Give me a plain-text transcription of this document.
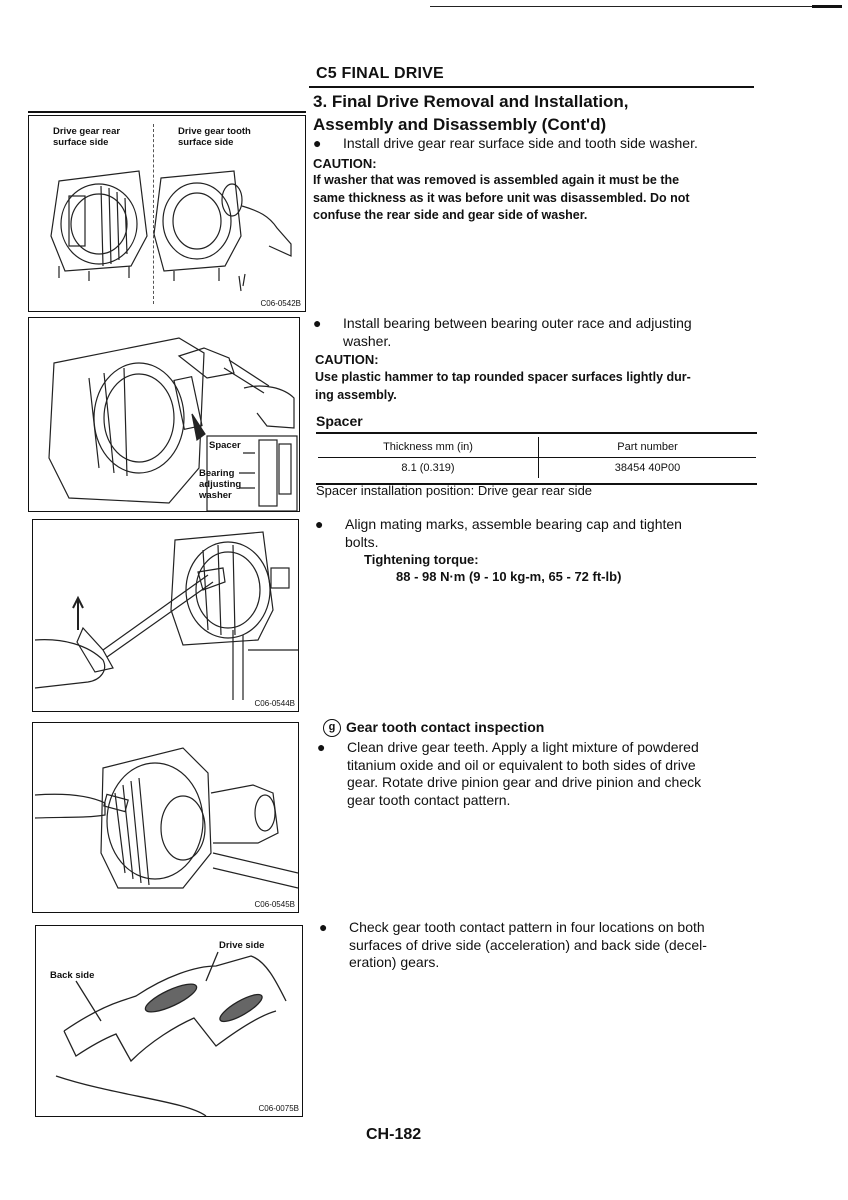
C5 FINAL DRIVE
3. Final Drive Removal and Installation,
Assembly and Disassembly (Cont'd)
● Install drive gear rear surface side and tooth side washer.
CAUTION:
If washer that was removed is assembled again it must be the
same thickness as it was before unit was disassembled. Do not
confuse the rear side and gear side of washer.
● Install bearing between bearing outer race and adjusting
washer.
CAUTION:
Use plastic hammer to tap rounded spacer surfaces lightly dur-
ing assembly.
Spacer
Thickness mm (in)	Part number
8.1 (0.319)	38454 40P00
Spacer installation position: Drive gear rear side
● Align mating marks, assemble bearing cap and tighten
bolts.
Tightening torque:
88 - 98 N·m (9 - 10 kg-m, 65 - 72 ft-lb)
g Gear tooth contact inspection
● Clean drive gear teeth. Apply a light mixture of powdered
titanium oxide and oil or equivalent to both sides of drive
gear. Rotate drive pinion gear and drive pinion and check
gear tooth contact pattern.
● Check gear tooth contact pattern in four locations on both
surfaces of drive side (acceleration) and back side (decel-
eration) gears.
Drive gear rear
surface side
Drive gear tooth
surface side
C06-0542B
Spacer
Bearing
adjusting
washer
C06-0544B
C06-0545B
Drive side
Back side
C06-0075B
CH-182
